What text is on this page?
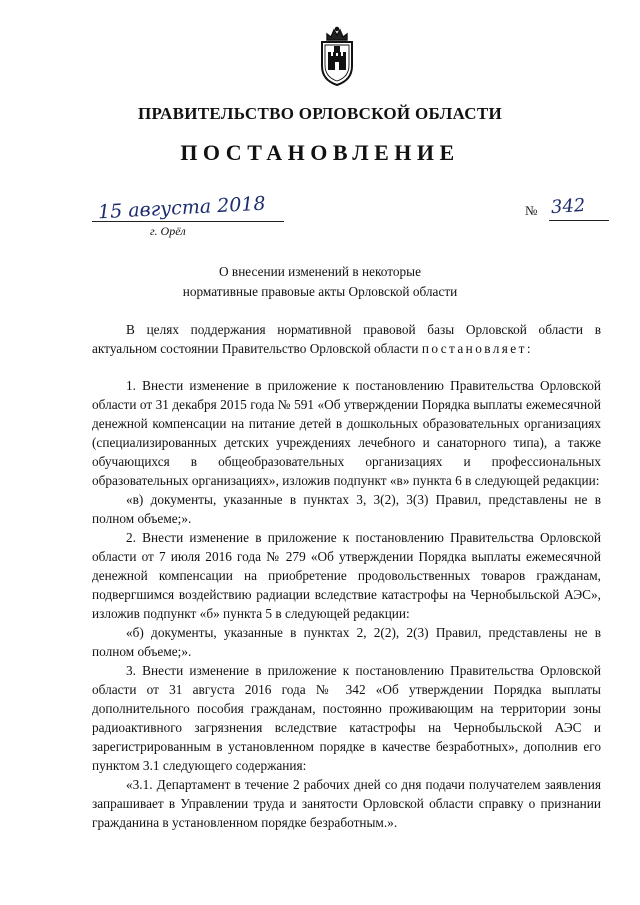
ПРАВИТЕЛЬСТВО ОРЛОВСКОЙ ОБЛАСТИ
ПОСТАНОВЛЕНИЕ
15 августа 2018
г. Орёл
№ 342
О внесении изменений в некоторые
нормативные правовые акты Орловской области

В целях поддержания нормативной правовой базы Орловской области в актуальном состоянии Правительство Орловской области постановляет:

1. Внести изменение в приложение к постановлению Правительства Орловской области от 31 декабря 2015 года № 591 «Об утверждении Порядка выплаты ежемесячной денежной компенсации на питание детей в дошкольных образовательных организациях (специализированных детских учреждениях лечебного и санаторного типа), а также обучающихся в общеобразовательных организациях и профессиональных образовательных организациях», изложив подпункт «в» пункта 6 в следующей редакции:

«в) документы, указанные в пунктах 3, 3(2), 3(3) Правил, представлены не в полном объеме;».

2. Внести изменение в приложение к постановлению Правительства Орловской области от 7 июля 2016 года № 279 «Об утверждении Порядка выплаты ежемесячной денежной компенсации на приобретение продовольственных товаров гражданам, подвергшимся воздействию радиации вследствие катастрофы на Чернобыльской АЭС», изложив подпункт «б» пункта 5 в следующей редакции:

«б) документы, указанные в пунктах 2, 2(2), 2(3) Правил, представлены не в полном объеме;».

3. Внести изменение в приложение к постановлению Правительства Орловской области от 31 августа 2016 года № 342 «Об утверждении Порядка выплаты дополнительного пособия гражданам, постоянно проживающим на территории зоны радиоактивного загрязнения вследствие катастрофы на Чернобыльской АЭС и зарегистрированным в установленном порядке в качестве безработных», дополнив его пунктом 3.1 следующего содержания:

«3.1. Департамент в течение 2 рабочих дней со дня подачи получателем заявления запрашивает в Управлении труда и занятости Орловской области справку о признании гражданина в установленном порядке безработным.».
